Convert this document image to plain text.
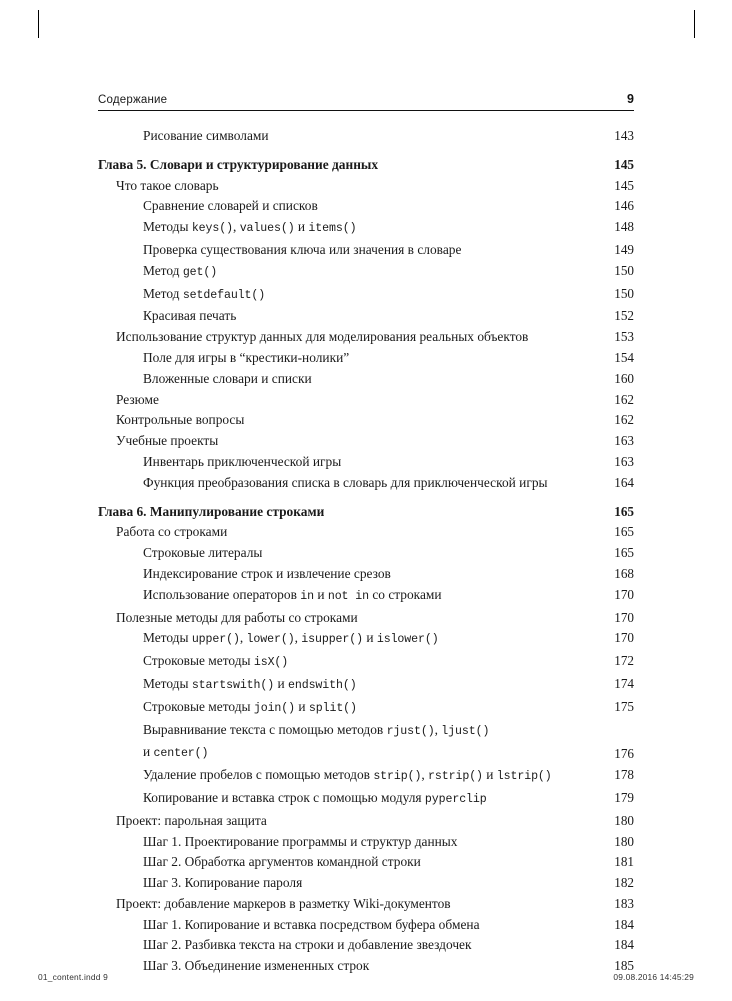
Содержание	9
Рисование символами	143
Глава 5. Словари и структурирование данных	145
Что такое словарь	145
Сравнение словарей и списков	146
Методы keys(), values() и items()	148
Проверка существования ключа или значения в словаре	149
Метод get()	150
Метод setdefault()	150
Красивая печать	152
Использование структур данных для моделирования реальных объектов	153
Поле для игры в “крестики-нолики”	154
Вложенные словари и списки	160
Резюме	162
Контрольные вопросы	162
Учебные проекты	163
Инвентарь приключенческой игры	163
Функция преобразования списка в словарь для приключенческой игры	164
Глава 6. Манипулирование строками	165
Работа со строками	165
Строковые литералы	165
Индексирование строк и извлечение срезов	168
Использование операторов in и not in со строками	170
Полезные методы для работы со строками	170
Методы upper(), lower(), isupper() и islower()	170
Строковые методы isX()	172
Методы startswith() и endswith()	174
Строковые методы join() и split()	175
Выравнивание текста с помощью методов rjust(), ljust()
и center()	176
Удаление пробелов с помощью методов strip(), rstrip() и lstrip()	178
Копирование и вставка строк с помощью модуля pyperclip	179
Проект: парольная защита	180
Шаг 1. Проектирование программы и структур данных	180
Шаг 2. Обработка аргументов командной строки	181
Шаг 3. Копирование пароля	182
Проект: добавление маркеров в разметку Wiki-документов	183
Шаг 1. Копирование и вставка посредством буфера обмена	184
Шаг 2. Разбивка текста на строки и добавление звездочек	184
Шаг 3. Объединение измененных строк	185
01_content.indd 9	09.08.2016 14:45:29
